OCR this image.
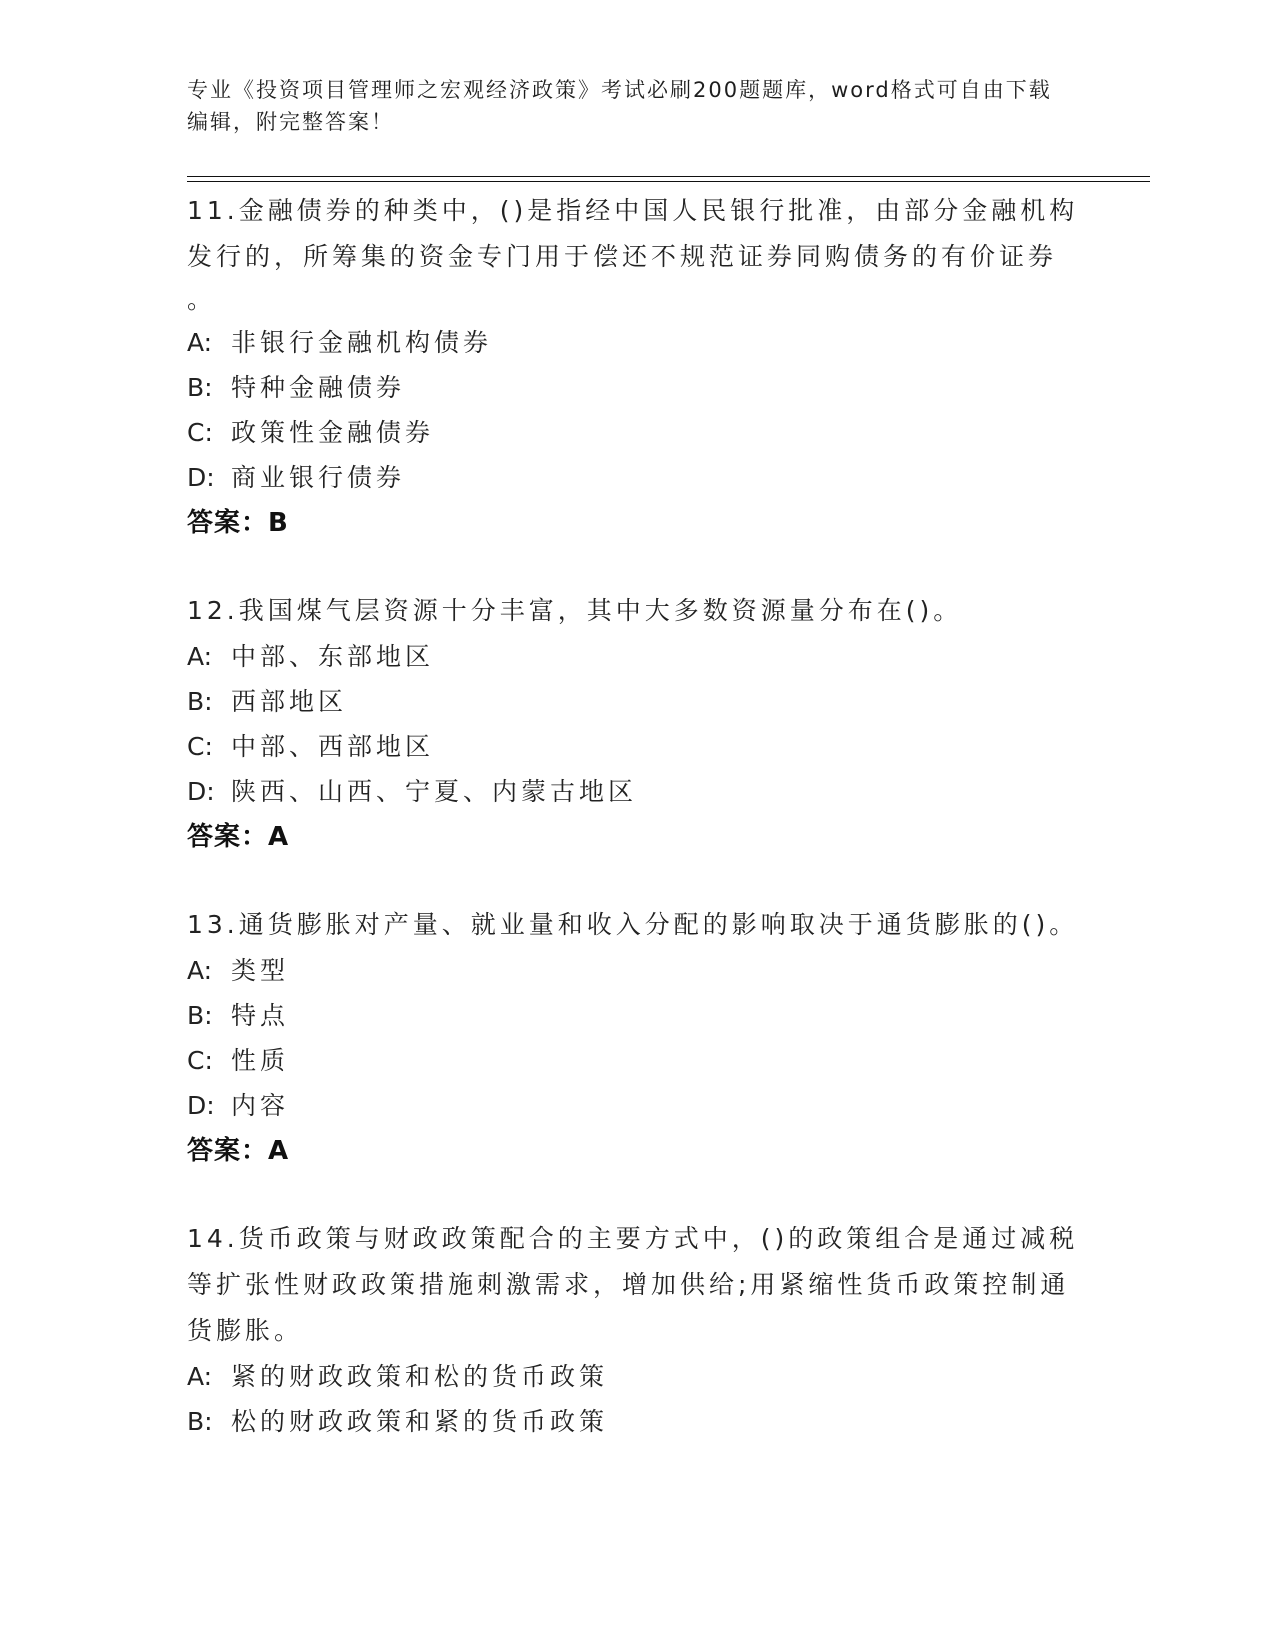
专业《投资项目管理师之宏观经济政策》考试必刷200题题库，word格式可自由下载编辑，附完整答案！
11.金融债券的种类中，()是指经中国人民银行批准，由部分金融机构发行的，所筹集的资金专门用于偿还不规范证券同购债务的有价证券
。
A: 非银行金融机构债券
B: 特种金融债券
C: 政策性金融债券
D: 商业银行债券
答案：B
12.我国煤气层资源十分丰富，其中大多数资源量分布在()。
A: 中部、东部地区
B: 西部地区
C: 中部、西部地区
D: 陕西、山西、宁夏、内蒙古地区
答案：A
13.通货膨胀对产量、就业量和收入分配的影响取决于通货膨胀的()。
A: 类型
B: 特点
C: 性质
D: 内容
答案：A
14.货币政策与财政政策配合的主要方式中，()的政策组合是通过减税等扩张性财政政策措施刺激需求，增加供给;用紧缩性货币政策控制通货膨胀。
A: 紧的财政政策和松的货币政策
B: 松的财政政策和紧的货币政策
